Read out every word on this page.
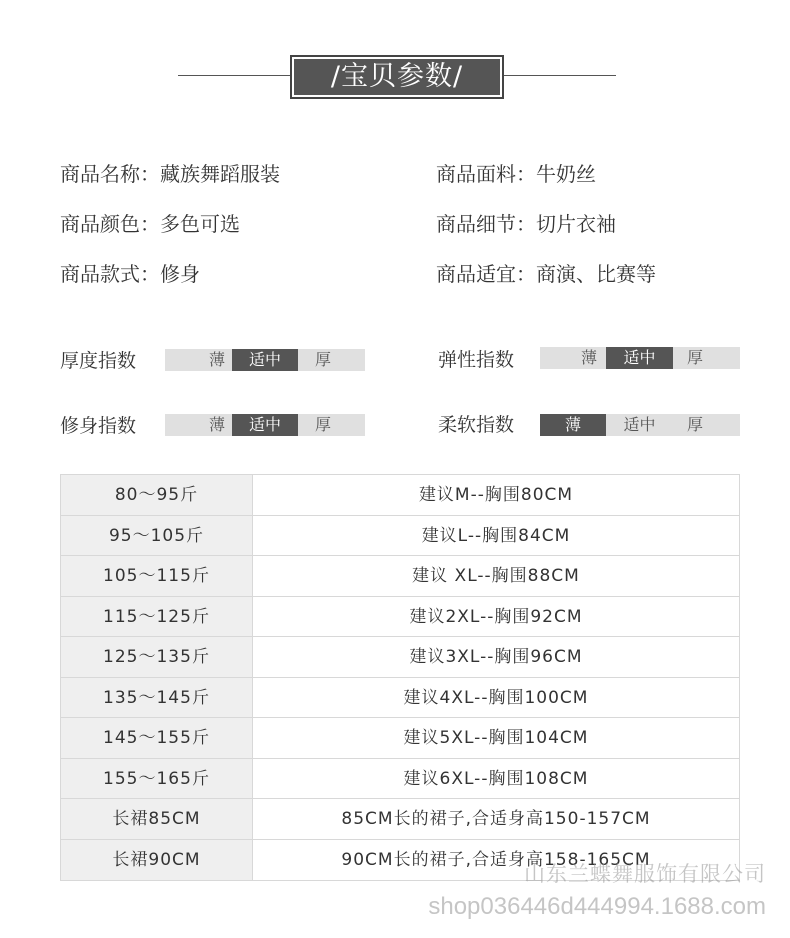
/宝贝参数/
商品名称：藏族舞蹈服装	商品面料：牛奶丝
商品颜色：多色可选	商品细节：切片衣袖
商品款式：修身	商品适宜：商演、比赛等
厚度指数	薄	适中	厚	弹性指数	薄	适中	厚
修身指数	薄	适中	厚	柔软指数	薄	适中	厚
80～95斤	建议M--胸围80CM
95～105斤	建议L--胸围84CM
105～115斤	建议 XL--胸围88CM
115～125斤	建议2XL--胸围92CM
125～135斤	建议3XL--胸围96CM
135～145斤	建议4XL--胸围100CM
145～155斤	建议5XL--胸围104CM
155～165斤	建议6XL--胸围108CM
长裙85CM	85CM长的裙子,合适身高150-157CM
长裙90CM	90CM长的裙子,合适身高158-165CM
山东兰蝶舞服饰有限公司
shop036446d444994.1688.com
